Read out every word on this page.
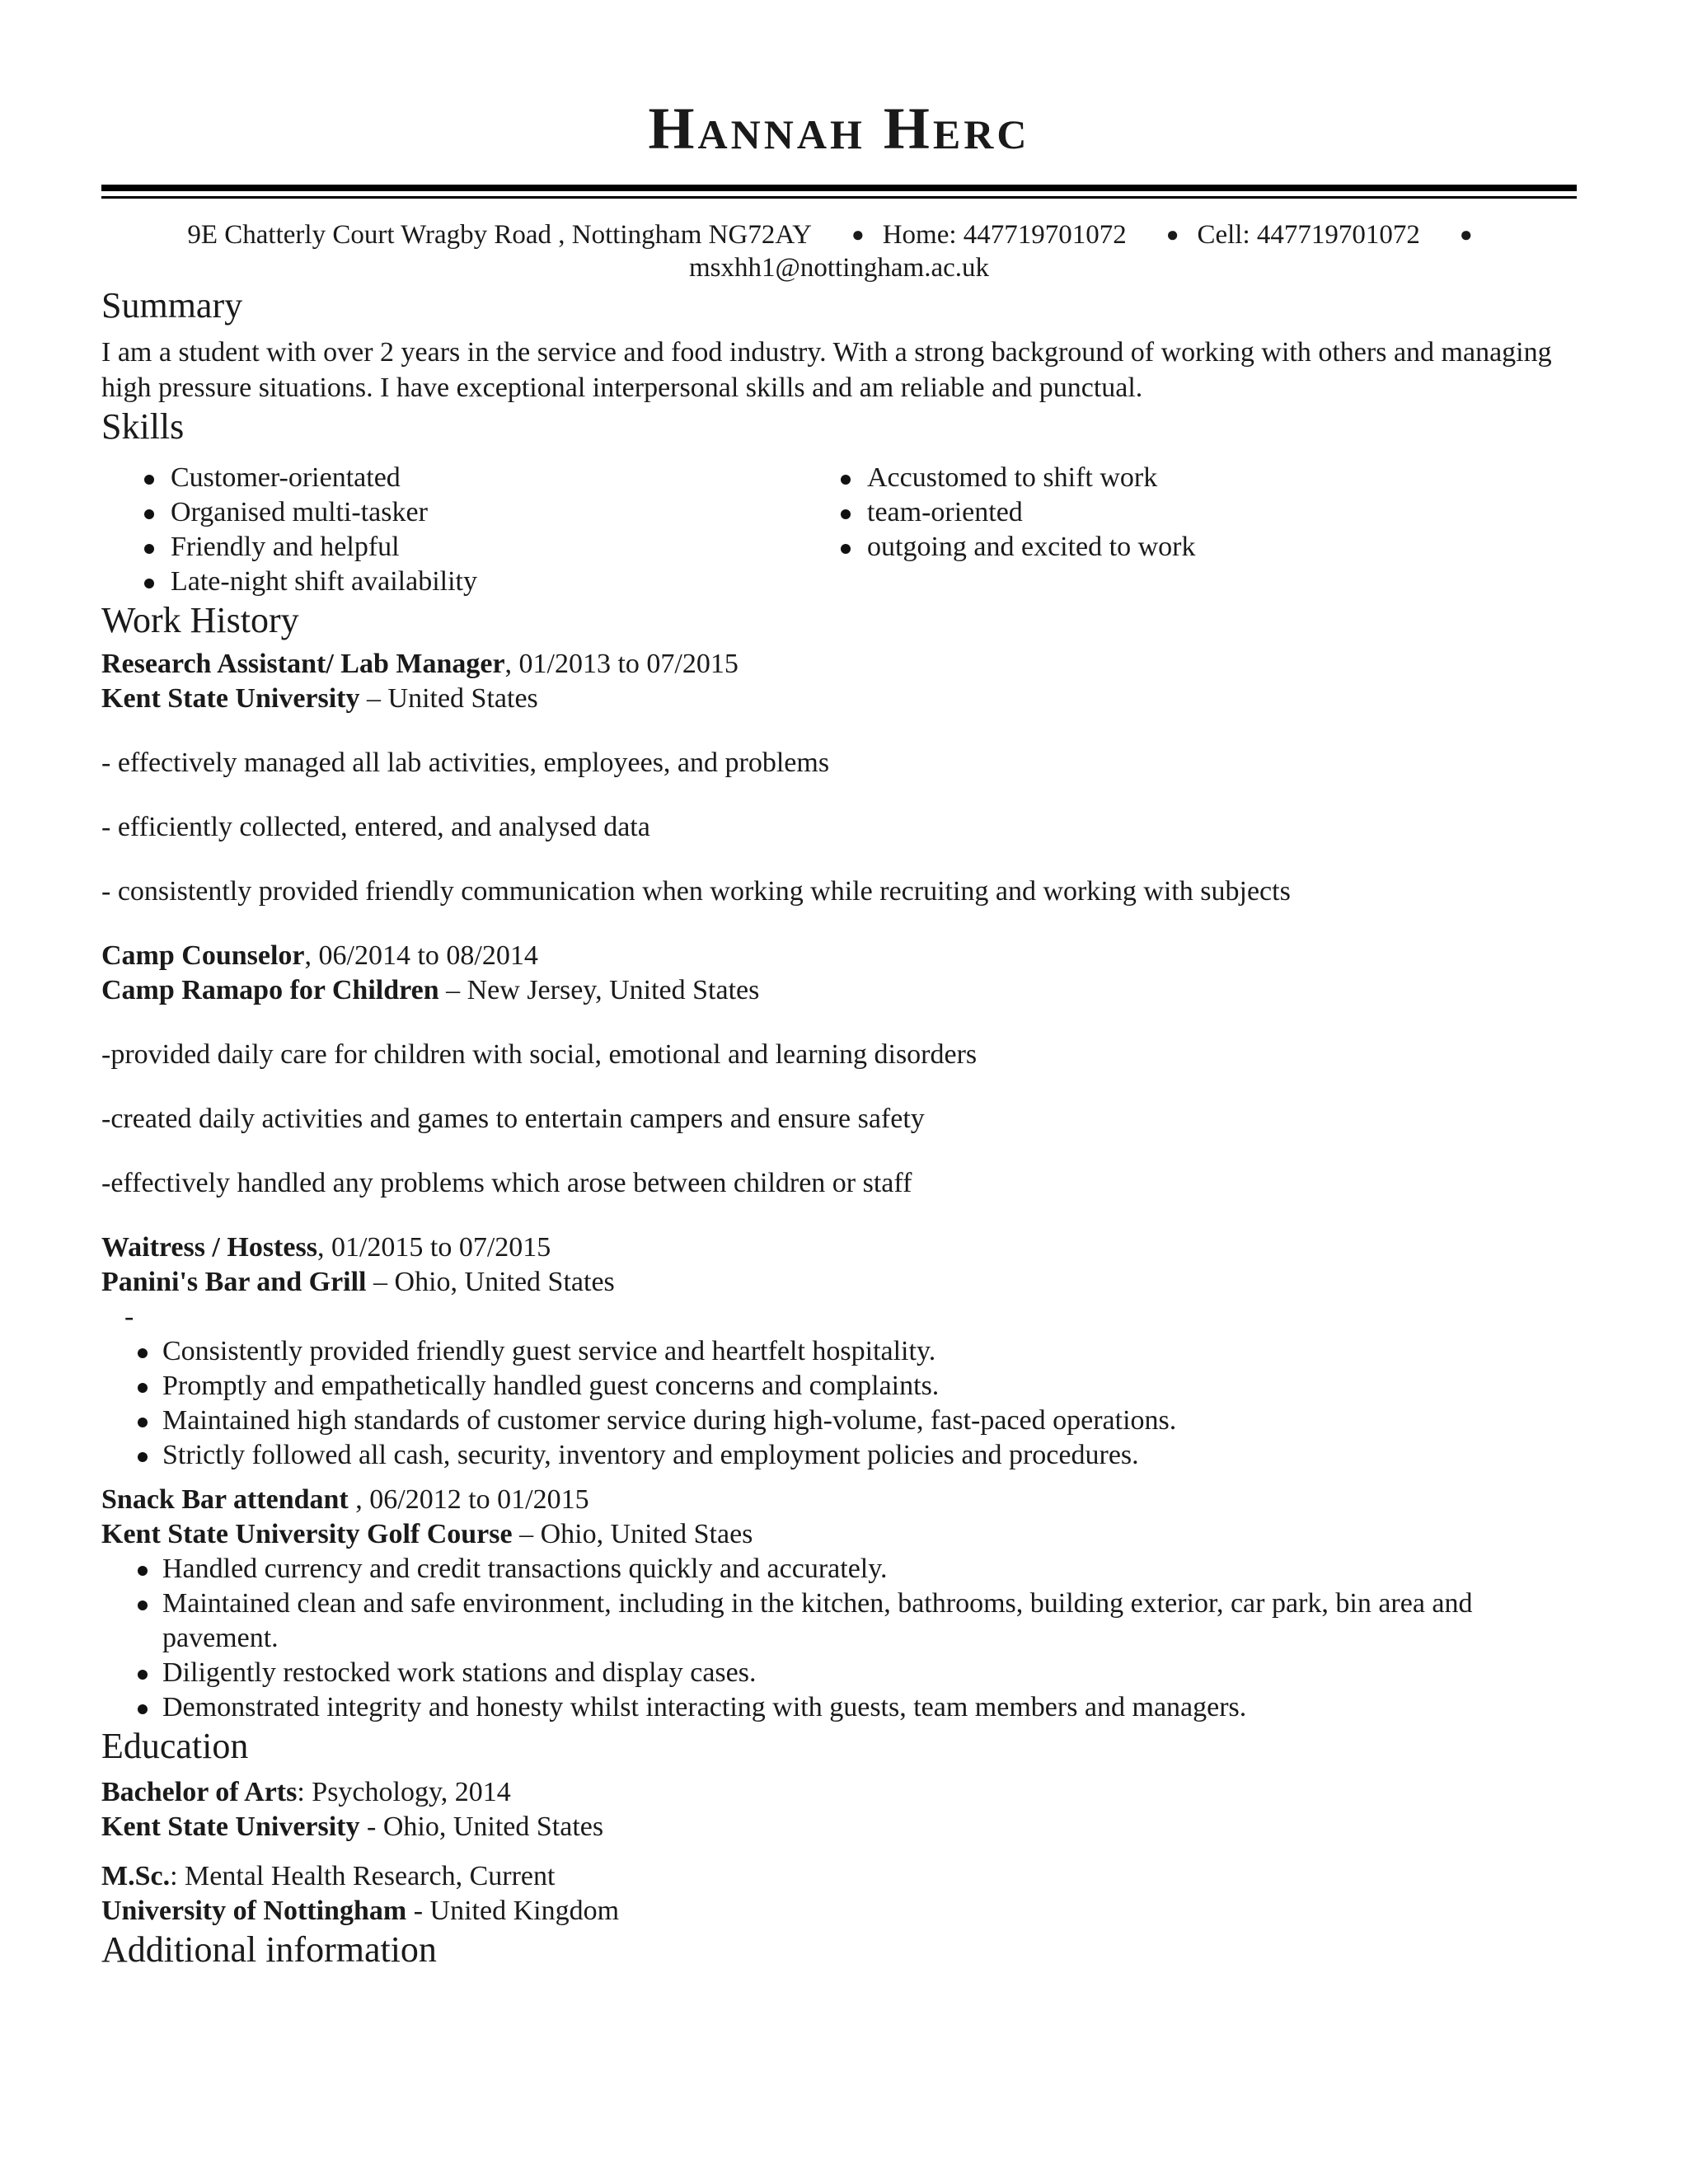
Hannah Herc
9E Chatterly Court Wragby Road , Nottingham NG72AY ● Home: 447719701072 ● Cell: 447719701072 ●
msxhh1@nottingham.ac.uk
Summary

I am a student with over 2 years in the service and food industry. With a strong background of working with others and managing high pressure situations. I have exceptional interpersonal skills and am reliable and punctual.

Skills
Customer-orientated
Organised multi-tasker
Friendly and helpful
Late-night shift availability
Accustomed to shift work
team-oriented
outgoing and excited to work
Work History
Research Assistant/ Lab Manager, 01/2013 to 07/2015
Kent State University – United States

- effectively managed all lab activities, employees, and problems

- efficiently collected, entered, and analysed data

- consistently provided friendly communication when working while recruiting and working with subjects

Camp Counselor, 06/2014 to 08/2014
Camp Ramapo for Children – New Jersey, United States

-provided daily care for children with social, emotional and learning disorders

-created daily activities and games to entertain campers and ensure safety

-effectively handled any problems which arose between children or staff

Waitress / Hostess, 01/2015 to 07/2015
Panini's Bar and Grill – Ohio, United States
-
Consistently provided friendly guest service and heartfelt hospitality.
Promptly and empathetically handled guest concerns and complaints.
Maintained high standards of customer service during high-volume, fast-paced operations.
Strictly followed all cash, security, inventory and employment policies and procedures.
Snack Bar attendant , 06/2012 to 01/2015
Kent State University Golf Course – Ohio, United Staes
Handled currency and credit transactions quickly and accurately.
Maintained clean and safe environment, including in the kitchen, bathrooms, building exterior, car park, bin area and pavement.
Diligently restocked work stations and display cases.
Demonstrated integrity and honesty whilst interacting with guests, team members and managers.
Education
Bachelor of Arts: Psychology, 2014
Kent State University - Ohio, United States
M.Sc.: Mental Health Research, Current
University of Nottingham - United Kingdom
Additional information
